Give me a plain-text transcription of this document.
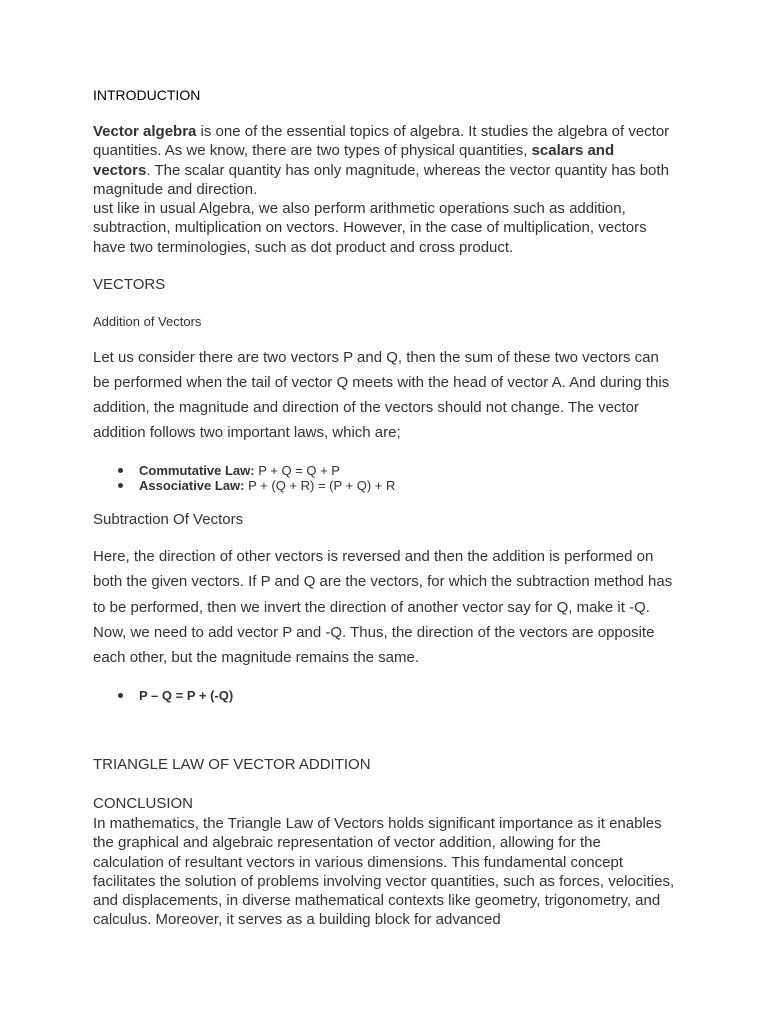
INTRODUCTION

Vector algebra is one of the essential topics of algebra. It studies the algebra of vector quantities. As we know, there are two types of physical quantities, scalars and vectors. The scalar quantity has only magnitude, whereas the vector quantity has both magnitude and direction.
ust like in usual Algebra, we also perform arithmetic operations such as addition, subtraction, multiplication on vectors. However, in the case of multiplication, vectors have two terminologies, such as dot product and cross product.

VECTORS

Addition of Vectors

Let us consider there are two vectors P and Q, then the sum of these two vectors can be performed when the tail of vector Q meets with the head of vector A. And during this addition, the magnitude and direction of the vectors should not change. The vector addition follows two important laws, which are;

Commutative Law: P + Q = Q + P
Associative Law: P + (Q + R) = (P + Q) + R

Subtraction Of Vectors

Here, the direction of other vectors is reversed and then the addition is performed on both the given vectors. If P and Q are the vectors, for which the subtraction method has to be performed, then we invert the direction of another vector say for Q, make it -Q. Now, we need to add vector P and -Q. Thus, the direction of the vectors are opposite each other, but the magnitude remains the same.

P – Q = P + (-Q)

TRIANGLE LAW OF VECTOR ADDITION

CONCLUSION

In mathematics, the Triangle Law of Vectors holds significant importance as it enables the graphical and algebraic representation of vector addition, allowing for the calculation of resultant vectors in various dimensions. This fundamental concept facilitates the solution of problems involving vector quantities, such as forces, velocities, and displacements, in diverse mathematical contexts like geometry, trigonometry, and calculus. Moreover, it serves as a building block for advanced
